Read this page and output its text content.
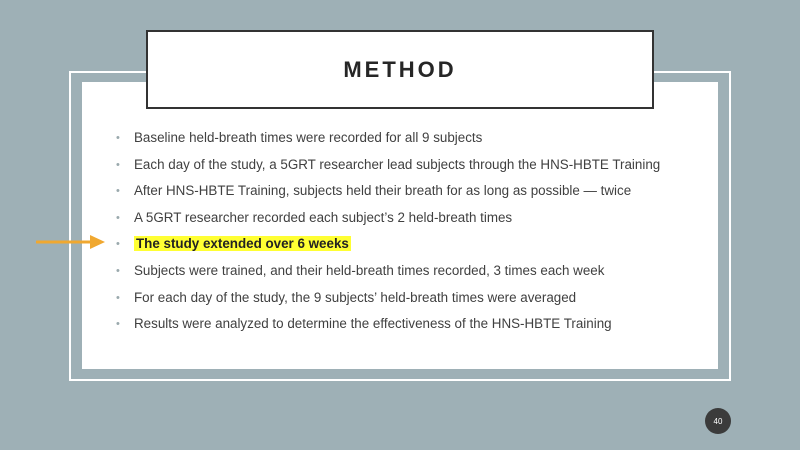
METHOD
• Baseline held-breath times were recorded for all 9 subjects
• Each day of the study, a 5GRT researcher lead subjects through the HNS-HBTE Training
• After HNS-HBTE Training, subjects held their breath for as long as possible — twice
• A 5GRT researcher recorded each subject’s 2 held-breath times
• The study extended over 6 weeks
• Subjects were trained, and their held-breath times recorded, 3 times each week
• For each day of the study, the 9 subjects’ held-breath times were averaged
• Results were analyzed to determine the effectiveness of the HNS-HBTE Training
40
